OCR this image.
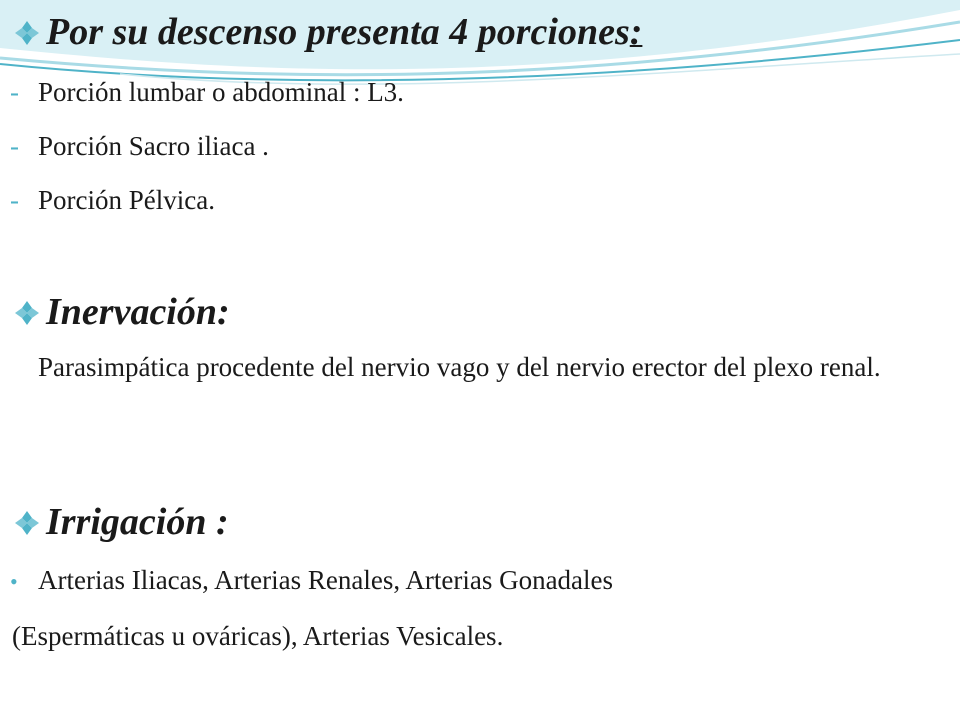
Por su descenso presenta 4 porciones:
- Porción lumbar o abdominal : L3.
- Porción Sacro iliaca .
- Porción Pélvica.
Inervación:
Parasimpática procedente del nervio vago y del nervio erector del plexo renal.
Irrigación :
• Arterias Iliacas, Arterias Renales, Arterias Gonadales
(Espermáticas u ováricas), Arterias Vesicales.
